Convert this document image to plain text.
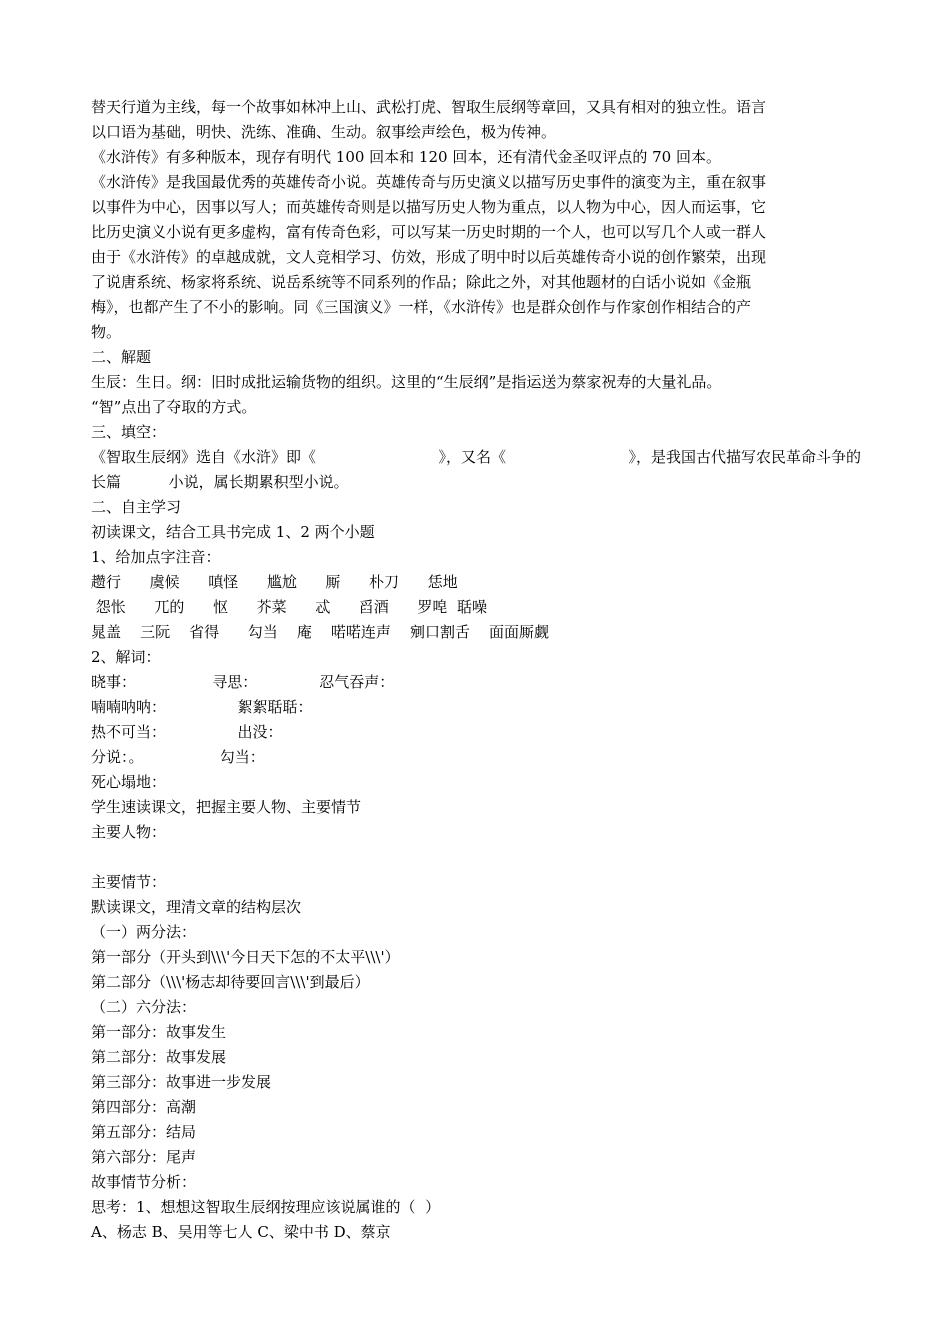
替天行道为主线，每一个故事如林冲上山、武松打虎、智取生辰纲等章回，又具有相对的独立性。语言
以口语为基础，明快、洗练、准确、生动。叙事绘声绘色，极为传神。
《水浒传》有多种版本，现存有明代 100 回本和 120 回本，还有清代金圣叹评点的 70 回本。
《水浒传》是我国最优秀的英雄传奇小说。英雄传奇与历史演义以描写历史事件的演变为主，重在叙事
以事件为中心，因事以写人；而英雄传奇则是以描写历史人物为重点，以人物为中心，因人而运事，它
比历史演义小说有更多虚构，富有传奇色彩，可以写某一历史时期的一个人，也可以写几个人或一群人
由于《水浒传》的卓越成就，文人竞相学习、仿效，形成了明中时以后英雄传奇小说的创作繁荣，出现
了说唐系统、杨家将系统、说岳系统等不同系列的作品；除此之外，对其他题材的白话小说如《金瓶
梅》，也都产生了不小的影响。同《三国演义》一样，《水浒传》也是群众创作与作家创作相结合的产
物。
二、解题
生辰：生日。纲：旧时成批运输货物的组织。这里的“生辰纲”是指运送为蔡家祝寿的大量礼品。
“智”点出了夺取的方式。
三、填空：
《智取生辰纲》选自《水浒》即《	》，又名《	》，是我国古代描写农民革命斗争的
长篇          小说，属长期累积型小说。
二、自主学习
初读课文，结合工具书完成 1、2 两个小题
1、给加点字注音：
趱行      虞候      嗔怪      尴尬      厮      朴刀      恁地
怨怅      兀的      怄      芥菜      忒      舀酒      罗唣  聒噪
晁盖    三阮    省得      勾当    庵    喏喏连声    剜口割舌    面面厮觑
2、解词：
晓事：                寻思：             忍气吞声：
喃喃呐呐：               絮絮聒聒：
热不可当：               出没：
分说：。                勾当：
死心塌地：
学生速读课文，把握主要人物、主要情节
主要人物：
主要情节：
默读课文，理清文章的结构层次
（一）两分法：
第一部分（开头到\\\'今日天下怎的不太平\\\'）
第二部分（\\\'杨志却待要回言\\\'到最后）
（二）六分法：
第一部分：故事发生
第二部分：故事发展
第三部分：故事进一步发展
第四部分：高潮
第五部分：结局
第六部分：尾声
故事情节分析：
思考：1、想想这智取生辰纲按理应该说属谁的（  ）
A、杨志 B、吴用等七人 C、梁中书 D、蔡京
